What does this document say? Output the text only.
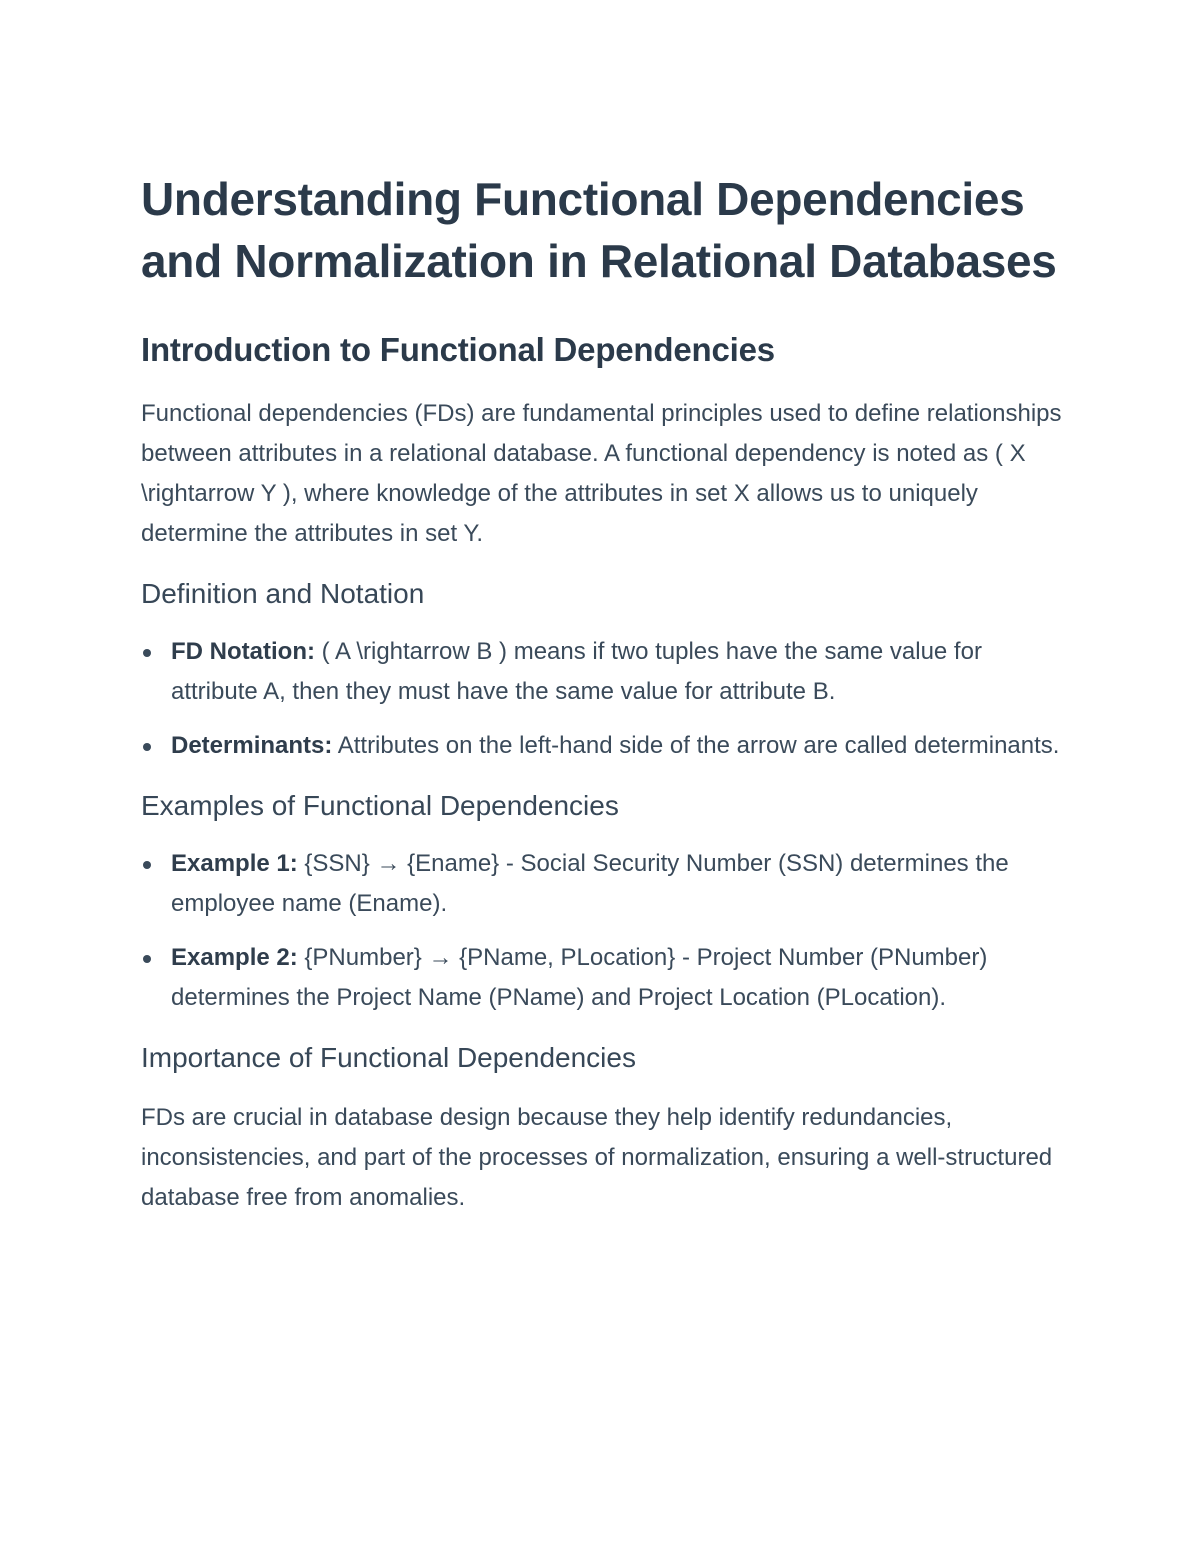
Understanding Functional Dependencies and Normalization in Relational Databases
Introduction to Functional Dependencies

Functional dependencies (FDs) are fundamental principles used to define relationships between attributes in a relational database. A functional dependency is noted as ( X \rightarrow Y ), where knowledge of the attributes in set X allows us to uniquely determine the attributes in set Y.

Definition and Notation
FD Notation: ( A \rightarrow B ) means if two tuples have the same value for attribute A, then they must have the same value for attribute B.
Determinants: Attributes on the left-hand side of the arrow are called determinants.
Examples of Functional Dependencies
Example 1: {SSN} → {Ename} - Social Security Number (SSN) determines the employee name (Ename).
Example 2: {PNumber} → {PName, PLocation} - Project Number (PNumber) determines the Project Name (PName) and Project Location (PLocation).
Importance of Functional Dependencies

FDs are crucial in database design because they help identify redundancies, inconsistencies, and part of the processes of normalization, ensuring a well-structured database free from anomalies.
